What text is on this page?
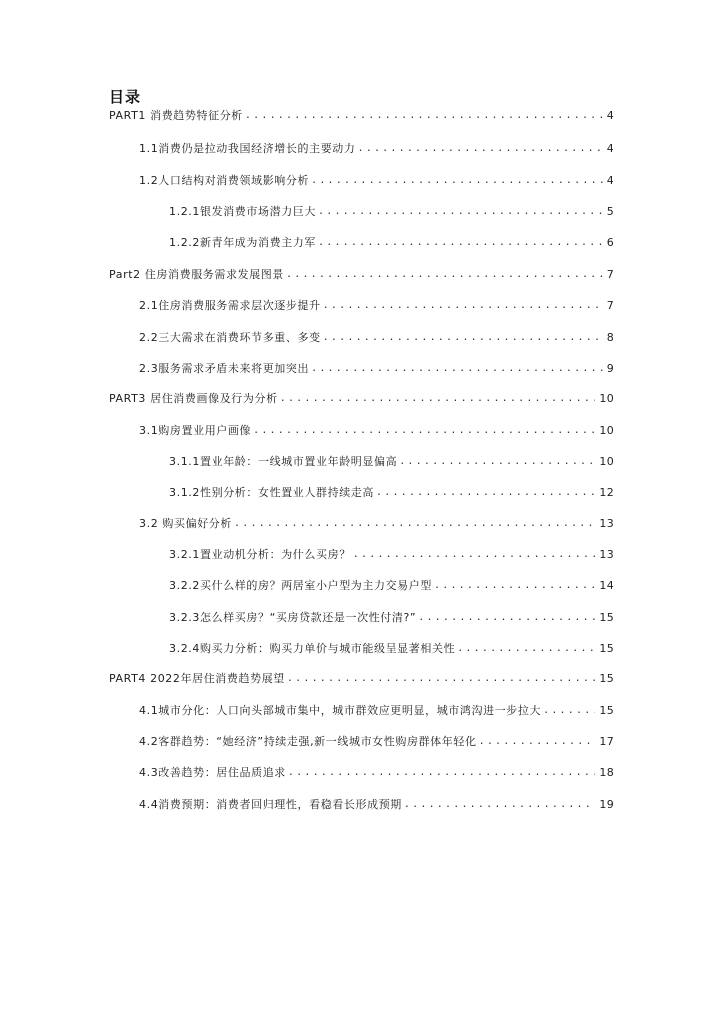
目录
PART1 消费趋势特征分析 .....	4
1.1消费仍是拉动我国经济增长的主要动力 .....	4
1.2人口结构对消费领域影响分析 .....	4
1.2.1银发消费市场潜力巨大 .....	5
1.2.2新青年成为消费主力军 .....	6
Part2 住房消费服务需求发展图景 .....	7
2.1住房消费服务需求层次逐步提升 .....	7
2.2三大需求在消费环节多重、多变 .....	8
2.3服务需求矛盾未来将更加突出 .....	9
PART3 居住消费画像及行为分析 .....	10
3.1购房置业用户画像 .....	10
3.1.1置业年龄：一线城市置业年龄明显偏高 .....	10
3.1.2性别分析：女性置业人群持续走高 .....	12
3.2 购买偏好分析 .....	13
3.2.1置业动机分析：为什么买房？ .....	13
3.2.2买什么样的房？两居室小户型为主力交易户型 .....	14
3.2.3怎么样买房？“买房贷款还是一次性付清?” .....	15
3.2.4购买力分析：购买力单价与城市能级呈显著相关性 .....	15
PART4 2022年居住消费趋势展望 .....	15
4.1城市分化：人口向头部城市集中，城市群效应更明显，城市鸿沟进一步拉大 .....	15
4.2客群趋势：“她经济”持续走强,新一线城市女性购房群体年轻化 .....	17
4.3改善趋势：居住品质追求 .....	18
4.4消费预期：消费者回归理性，看稳看长形成预期 .....	19
